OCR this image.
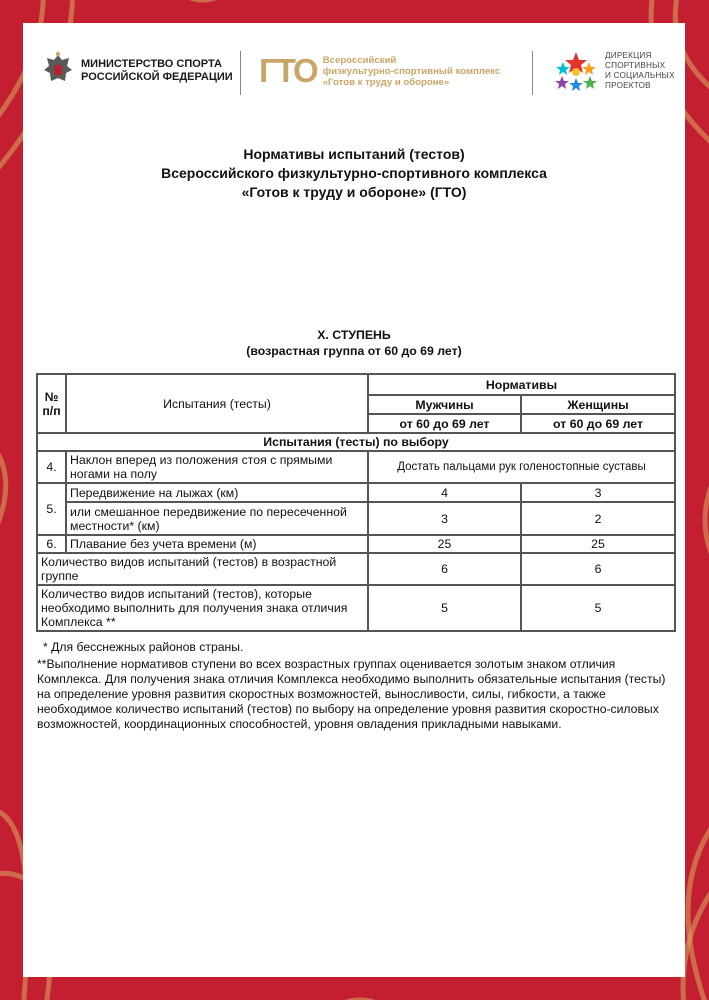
МИНИСТЕРСТВО СПОРТА
РОССИЙСКОЙ ФЕДЕРАЦИИ ГТО Всероссийский
физкультурно-спортивный комплекс
«Готов к труду и обороне»
ДИРЕКЦИЯ
СПОРТИВНЫХ
И СОЦИАЛЬНЫХ
ПРОЕКТОВ
Нормативы испытаний (тестов)
Всероссийского физкультурно-спортивного комплекса
«Готов к труду и обороне» (ГТО)
X. СТУПЕНЬ
(возрастная группа от 60 до 69 лет)
№ п/п	Испытания (тесты)	Нормативы	
		Мужчины	Женщины
		от 60 до 69 лет	от 60 до 69 лет
Испытания (тесты) по выбору			
4.	Наклон вперед из положения стоя с прямыми ногами на полу	Достать пальцами рук голеностопные суставы	
5.	Передвижение на лыжах (км)	4	3
	или смешанное передвижение по пересеченной местности* (км)	3	2
6.	Плавание без учета времени (м)	25	25
Количество видов испытаний (тестов) в возрастной группе		6	6
Количество видов испытаний (тестов), которые необходимо выполнить для получения знака отличия Комплекса **		5	5
* Для бесснежных районов страны.
**Выполнение нормативов ступени во всех возрастных группах оценивается золотым знаком отличия Комплекса. Для получения знака отличия Комплекса необходимо выполнить обязательные испытания (тесты) на определение уровня развития скоростных возможностей, выносливости, силы, гибкости, а также необходимое количество испытаний (тестов) по выбору на определение уровня развития скоростно-силовых возможностей, координационных способностей, уровня овладения прикладными навыками.
